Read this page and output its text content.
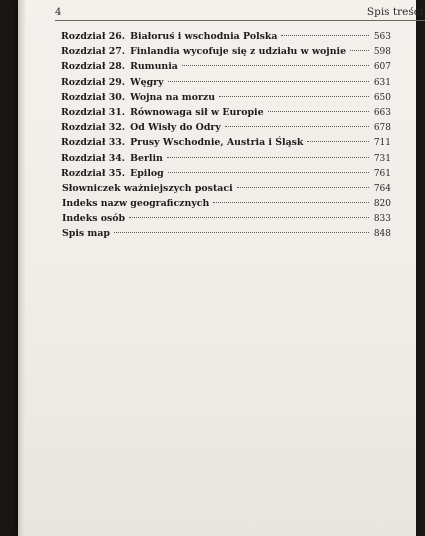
4	Spis treści
Rozdział 26. Białoruś i wschodnia Polska	563
Rozdział 27. Finlandia wycofuje się z udziału w wojnie	598
Rozdział 28. Rumunia	607
Rozdział 29. Węgry	631
Rozdział 30. Wojna na morzu	650
Rozdział 31. Równowaga sił w Europie	663
Rozdział 32. Od Wisły do Odry	678
Rozdział 33. Prusy Wschodnie, Austria i Śląsk	711
Rozdział 34. Berlin	731
Rozdział 35. Epilog	761
Słowniczek ważniejszych postaci	764
Indeks nazw geograficznych	820
Indeks osób	833
Spis map	848
